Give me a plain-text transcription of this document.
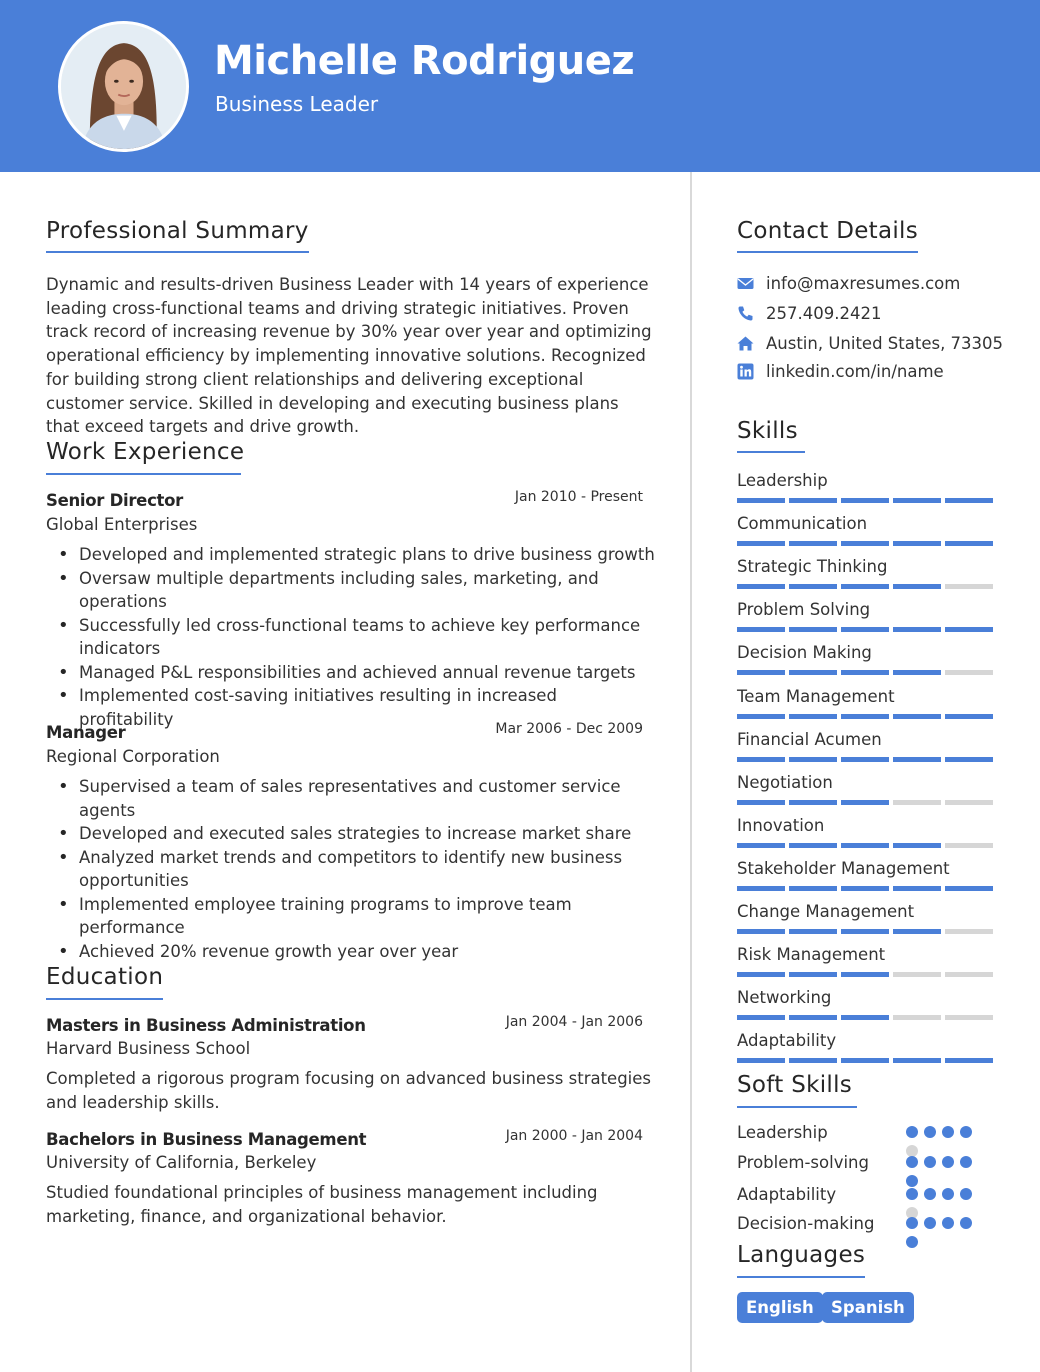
Michelle Rodriguez
Business Leader
Professional Summary
Dynamic and results-driven Business Leader with 14 years of experience leading cross-functional teams and driving strategic initiatives. Proven track record of increasing revenue by 30% year over year and optimizing operational efficiency by implementing innovative solutions. Recognized for building strong client relationships and delivering exceptional customer service. Skilled in developing and executing business plans that exceed targets and drive growth.
Work Experience
Senior Director	Jan 2010 - Present
Global Enterprises
• Developed and implemented strategic plans to drive business growth
• Oversaw multiple departments including sales, marketing, and operations
• Successfully led cross-functional teams to achieve key performance indicators
• Managed P&L responsibilities and achieved annual revenue targets
• Implemented cost-saving initiatives resulting in increased profitability
Manager	Mar 2006 - Dec 2009
Regional Corporation
• Supervised a team of sales representatives and customer service agents
• Developed and executed sales strategies to increase market share
• Analyzed market trends and competitors to identify new business opportunities
• Implemented employee training programs to improve team performance
• Achieved 20% revenue growth year over year
Education
Masters in Business Administration	Jan 2004 - Jan 2006
Harvard Business School
Completed a rigorous program focusing on advanced business strategies and leadership skills.
Bachelors in Business Management	Jan 2000 - Jan 2004
University of California, Berkeley
Studied foundational principles of business management including marketing, finance, and organizational behavior.
Contact Details
info@maxresumes.com
257.409.2421
Austin, United States, 73305
linkedin.com/in/name
Skills
Leadership
Communication
Strategic Thinking
Problem Solving
Decision Making
Team Management
Financial Acumen
Negotiation
Innovation
Stakeholder Management
Change Management
Risk Management
Networking
Adaptability
Soft Skills
Leadership
Problem-solving
Adaptability
Decision-making
Languages
English	Spanish
